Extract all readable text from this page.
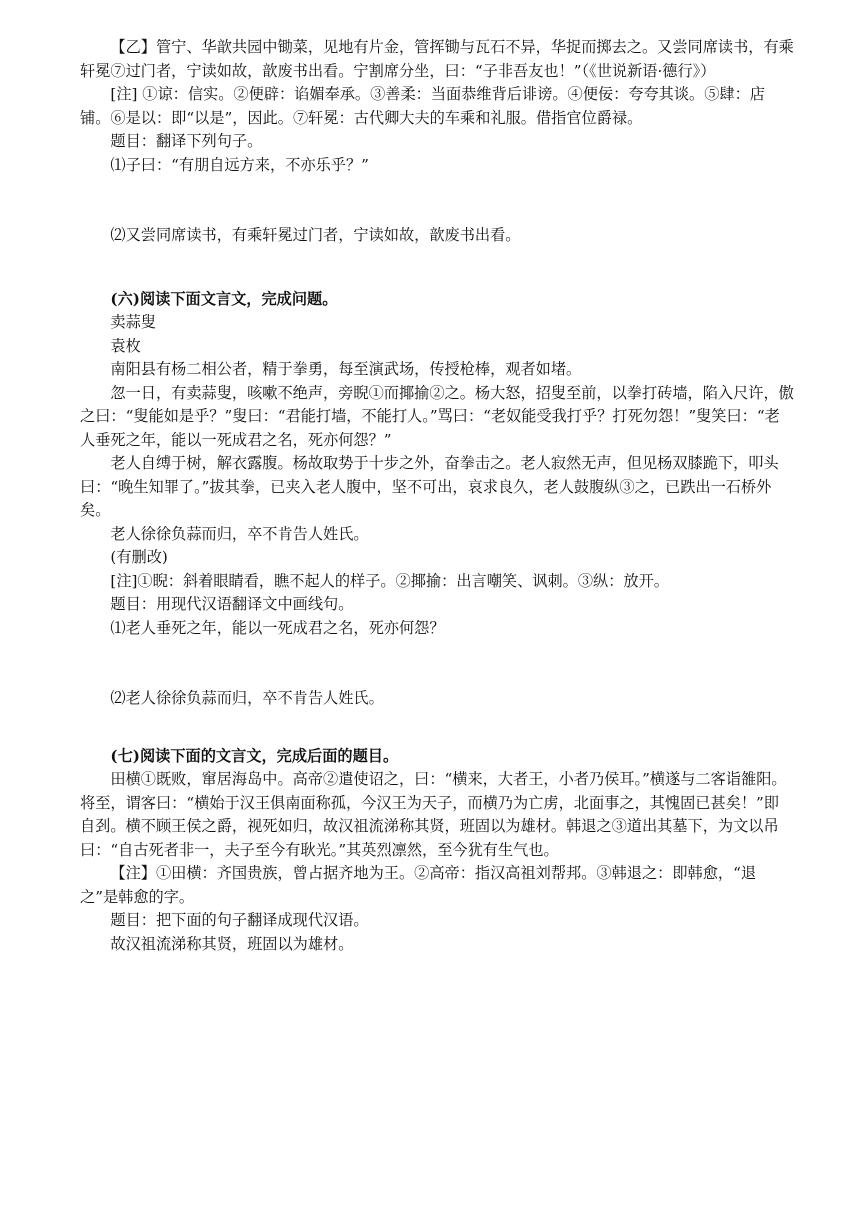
【乙】管宁、华歆共园中锄菜，见地有片金，管挥锄与瓦石不异，华捉而掷去之。又尝同席读书，有乘轩冕⑦过门者，宁读如故，歆废书出看。宁割席分坐，曰：“子非吾友也！”（《世说新语·德行》）

[注] ①谅：信实。②便辟：谄媚奉承。③善柔：当面恭维背后诽谤。④便佞：夸夸其谈。⑤肆：店铺。⑥是以：即“以是”，因此。⑦轩冕：古代卿大夫的车乘和礼服。借指官位爵禄。

题目：翻译下列句子。

⑴子曰：“有朋自远方来，不亦乐乎？”

⑵又尝同席读书，有乘轩冕过门者，宁读如故，歆废书出看。

(六)阅读下面文言文，完成问题。

卖蒜叟

袁枚

南阳县有杨二相公者，精于拳勇，每至演武场，传授枪棒，观者如堵。

忽一日，有卖蒜叟，咳嗽不绝声，旁睨①而揶揄②之。杨大怒，招叟至前，以拳打砖墙，陷入尺许，傲之曰：“叟能如是乎？”叟曰：“君能打墙，不能打人。”骂曰：“老奴能受我打乎？打死勿怨！”叟笑曰：“老人垂死之年，能以一死成君之名，死亦何怨？”

老人自缚于树，解衣露腹。杨故取势于十步之外，奋拳击之。老人寂然无声，但见杨双膝跪下，叩头曰：“晚生知罪了。”拔其拳，已夹入老人腹中，坚不可出，哀求良久，老人鼓腹纵③之，已跌出一石桥外矣。

老人徐徐负蒜而归，卒不肯告人姓氏。

(有删改)

[注]①睨：斜着眼睛看，瞧不起人的样子。②揶揄：出言嘲笑、讽刺。③纵：放开。

题目：用现代汉语翻译文中画线句。

⑴老人垂死之年，能以一死成君之名，死亦何怨？

⑵老人徐徐负蒜而归，卒不肯告人姓氏。

(七)阅读下面的文言文，完成后面的题目。

田横①既败，窜居海岛中。高帝②遣使诏之，曰：“横来，大者王，小者乃侯耳。”横遂与二客诣雒阳。将至，谓客曰：“横始于汉王俱南面称孤，今汉王为天子，而横乃为亡虏，北面事之，其愧固已甚矣！”即自刭。横不顾王侯之爵，视死如归，故汉祖流涕称其贤，班固以为雄材。韩退之③道出其墓下，为文以吊曰：“自古死者非一，夫子至今有耿光。”其英烈凛然，至今犹有生气也。

【注】①田横：齐国贵族，曾占据齐地为王。②高帝：指汉高祖刘帮邦。③韩退之：即韩愈，“退之”是韩愈的字。

题目：把下面的句子翻译成现代汉语。

故汉祖流涕称其贤，班固以为雄材。
